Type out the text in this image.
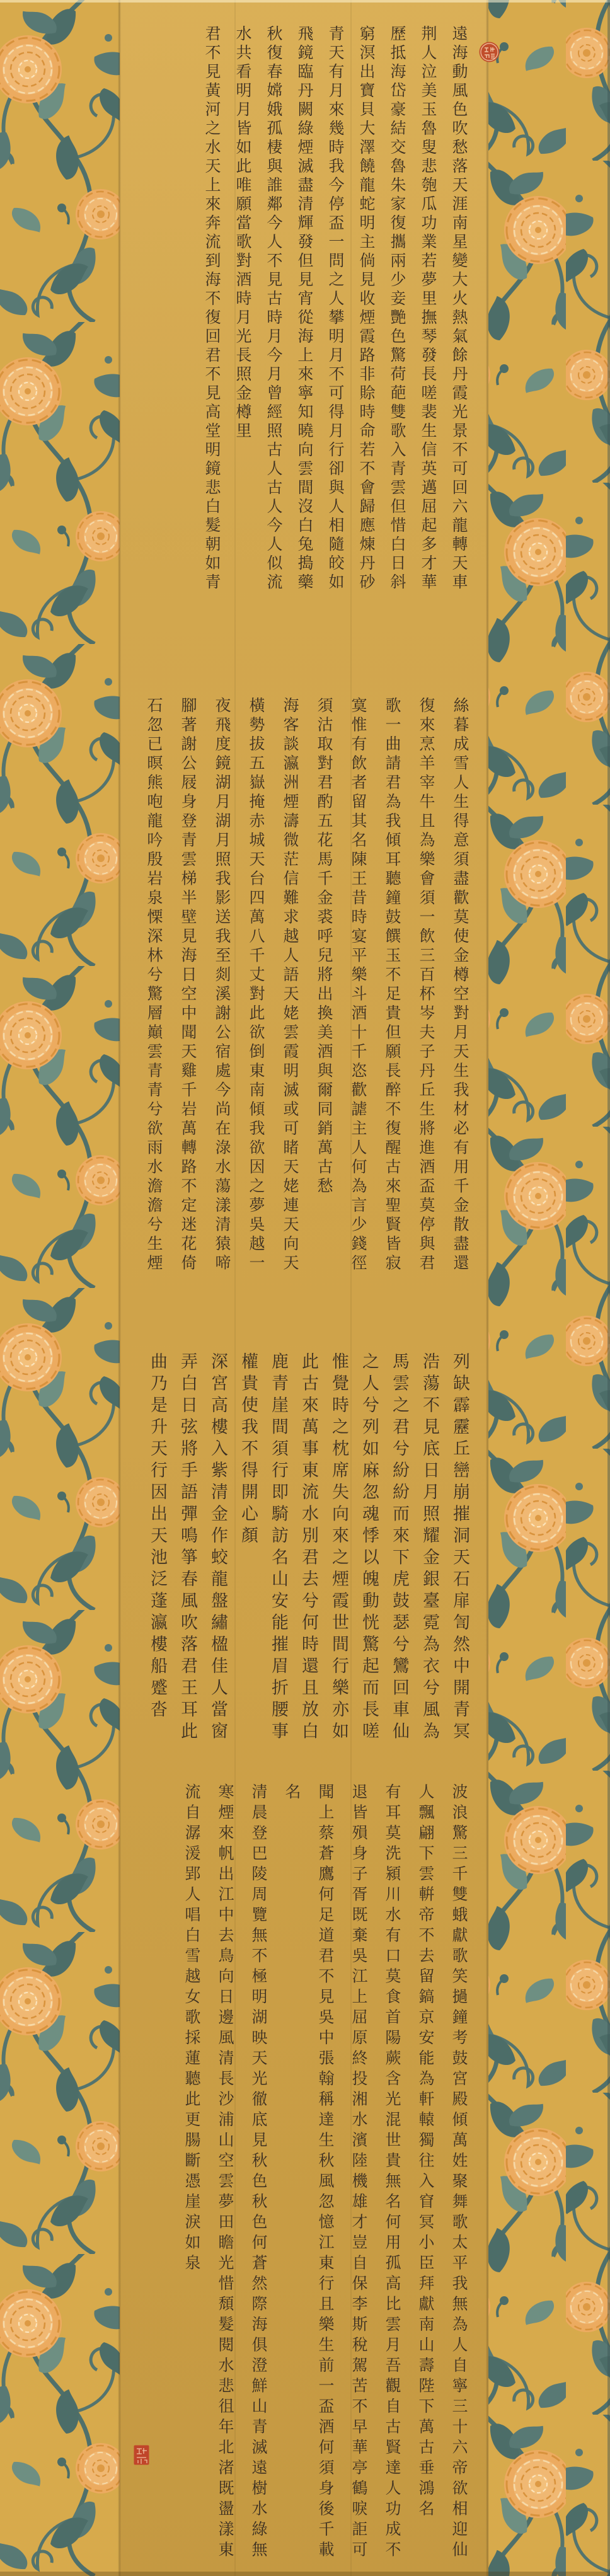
遠海動風色吹愁落天涯南星變大火熱氣餘丹霞光景不可回六龍轉天車荆人泣美玉魯叟悲匏瓜功業若夢里撫琴發長嗟裴生信英邁屈起多才華歷抵海岱豪結交魯朱家復攜兩少妾艷色驚荷葩雙歌入青雲但惜白日斜窮溟出寶貝大澤饒龍蛇明主倘見收煙霞路非賒時命若不會歸應煉丹砂
青天有月來幾時我今停盃一問之人攀明月不可得月行卻與人相隨皎如飛鏡臨丹闕綠煙滅盡清輝發但見宵從海上來寧知曉向雲間沒白兔搗藥秋復春嫦娥孤棲與誰鄰今人不見古時月今月曾經照古人古人今人似流水共看明月皆如此唯願當歌對酒時月光長照金樽里
君不見黃河之水天上來奔流到海不復回君不見高堂明鏡悲白髮朝如青
絲暮成雪人生得意須盡歡莫使金樽空對月天生我材必有用千金散盡還復來烹羊宰牛且為樂會須一飲三百杯岑夫子丹丘生將進酒盃莫停與君歌一曲請君為我傾耳聽鐘鼓饌玉不足貴但願長醉不復醒古來聖賢皆寂寞惟有飲者留其名陳王昔時宴平樂斗酒十千恣歡謔主人何為言少錢徑須沽取對君酌五花馬千金裘呼兒將出換美酒與爾同銷萬古愁
海客談瀛洲煙濤微茫信難求越人語天姥雲霞明滅或可睹天姥連天向天橫勢拔五嶽掩赤城天台四萬八千丈對此欲倒東南傾我欲因之夢吳越一夜飛度鏡湖月湖月照我影送我至剡溪謝公宿處今尚在淥水蕩漾清猿啼腳著謝公屐身登青雲梯半壁見海日空中聞天雞千岩萬轉路不定迷花倚石忽已暝熊咆龍吟殷岩泉慄深林兮驚層巔雲青青兮欲雨水澹澹兮生煙
列缺霹靂丘巒崩摧洞天石扉訇然中開青冥浩蕩不見底日月照耀金銀臺霓為衣兮風為馬雲之君兮紛紛而來下虎鼓瑟兮鸞回車仙之人兮列如麻忽魂悸以魄動恍驚起而長嗟惟覺時之枕席失向來之煙霞世間行樂亦如此古來萬事東流水別君去兮何時還且放白鹿青崖間須行即騎訪名山安能摧眉折腰事權貴使我不得開心顏
深宮高樓入紫清金作蛟龍盤繡楹佳人當窗弄白日弦將手語彈鳴箏春風吹落君王耳此曲乃是升天行因出天池泛蓬瀛樓船蹙沓
波浪驚三千雙蛾獻歌笑撾鐘考鼓宮殿傾萬姓聚舞歌太平我無為人自寧三十六帝欲相迎仙人飄翩下雲輧帝不去留鎬京安能為軒轅獨往入窅冥小臣拜獻南山壽陛下萬古垂鴻名
有耳莫洗潁川水有口莫食首陽蕨含光混世貴無名何用孤高比雲月吾觀自古賢達人功成不退皆殞身子胥既棄吳江上屈原終投湘水濱陸機雄才豈自保李斯稅駕苦不早華亭鶴唳詎可聞上蔡蒼鷹何足道君不見吳中張翰稱達生秋風忽憶江東行且樂生前一盃酒何須身後千載名
清晨登巴陵周覽無不極明湖映天光徹底見秋色秋色何蒼然際海俱澄鮮山青滅遠樹水綠無寒煙來帆出江中去鳥向日邊風清長沙浦山空雲夢田瞻光惜頹髮閱水悲徂年北渚既盪漾東流自潺湲郢人唱白雪越女歌採蓮聽此更腸斷憑崖淚如泉
